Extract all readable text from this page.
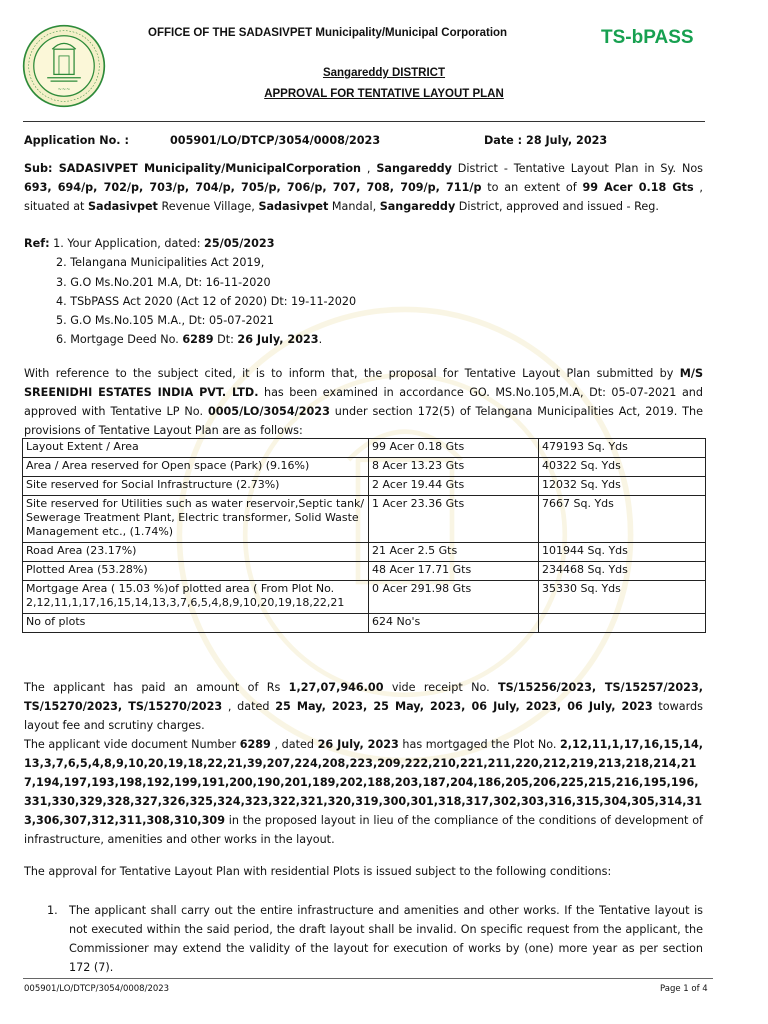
~~~
OFFICE OF THE SADASIVPET Municipality/Municipal Corporation	TS-bPASS
Sangareddy DISTRICT
APPROVAL FOR TENTATIVE LAYOUT PLAN
Application No. :	005901/LO/DTCP/3054/0008/2023	Date : 28 July, 2023
Sub: SADASIVPET Municipality/MunicipalCorporation , Sangareddy District - Tentative Layout Plan in Sy. Nos 693, 694/p, 702/p, 703/p, 704/p, 705/p, 706/p, 707, 708, 709/p, 711/p to an extent of 99 Acer 0.18 Gts , situated at Sadasivpet Revenue Village, Sadasivpet Mandal, Sangareddy District, approved and issued - Reg.
Ref: 1. Your Application, dated: 25/05/2023
2. Telangana Municipalities Act 2019,
3. G.O Ms.No.201 M.A, Dt: 16-11-2020
4. TSbPASS Act 2020 (Act 12 of 2020) Dt: 19-11-2020
5. G.O Ms.No.105 M.A., Dt: 05-07-2021
6. Mortgage Deed No. 6289 Dt: 26 July, 2023.
With reference to the subject cited, it is to inform that, the proposal for Tentative Layout Plan submitted by M/S SREENIDHI ESTATES INDIA PVT. LTD. has been examined in accordance GO. MS.No.105,M.A, Dt: 05-07-2021 and approved with Tentative LP No. 0005/LO/3054/2023 under section 172(5) of Telangana Municipalities Act, 2019. The provisions of Tentative Layout Plan are as follows:
Layout Extent / Area	99 Acer 0.18 Gts	479193 Sq. Yds
Area / Area reserved for Open space (Park) (9.16%)	8 Acer 13.23 Gts	40322 Sq. Yds
Site reserved for Social Infrastructure (2.73%)	2 Acer 19.44 Gts	12032 Sq. Yds
Site reserved for Utilities such as water reservoir,Septic tank/ Sewerage Treatment Plant, Electric transformer, Solid Waste Management etc., (1.74%)	1 Acer 23.36 Gts	7667 Sq. Yds
Road Area (23.17%)	21 Acer 2.5 Gts	101944 Sq. Yds
Plotted Area (53.28%)	48 Acer 17.71 Gts	234468 Sq. Yds
Mortgage Area ( 15.03 %)of plotted area ( From Plot No. 2,12,11,1,17,16,15,14,13,3,7,6,5,4,8,9,10,20,19,18,22,21	0 Acer 291.98 Gts	35330 Sq. Yds
No of plots	624 No's	
The applicant has paid an amount of Rs 1,27,07,946.00 vide receipt No. TS/15256/2023, TS/15257/2023, TS/15270/2023, TS/15270/2023 , dated 25 May, 2023, 25 May, 2023, 06 July, 2023, 06 July, 2023 towards layout fee and scrutiny charges.
The applicant vide document Number 6289 , dated 26 July, 2023 has mortgaged the Plot No. 2,12,11,1,17,16,15,14,13,3,7,6,5,4,8,9,10,20,19,18,22,21,39,207,224,208,223,209,222,210,221,211,220,212,219,213,218,214,217,194,197,193,198,192,199,191,200,190,201,189,202,188,203,187,204,186,205,206,225,215,216,195,196,331,330,329,328,327,326,325,324,323,322,321,320,319,300,301,318,317,302,303,316,315,304,305,314,313,306,307,312,311,308,310,309 in the proposed layout in lieu of the compliance of the conditions of development of infrastructure, amenities and other works in the layout.
The approval for Tentative Layout Plan with residential Plots is issued subject to the following conditions:
1. The applicant shall carry out the entire infrastructure and amenities and other works. If the Tentative layout is not executed within the said period, the draft layout shall be invalid. On specific request from the applicant, the Commissioner may extend the validity of the layout for execution of works by (one) more year as per section 172 (7).
005901/LO/DTCP/3054/0008/2023	Page 1 of 4
